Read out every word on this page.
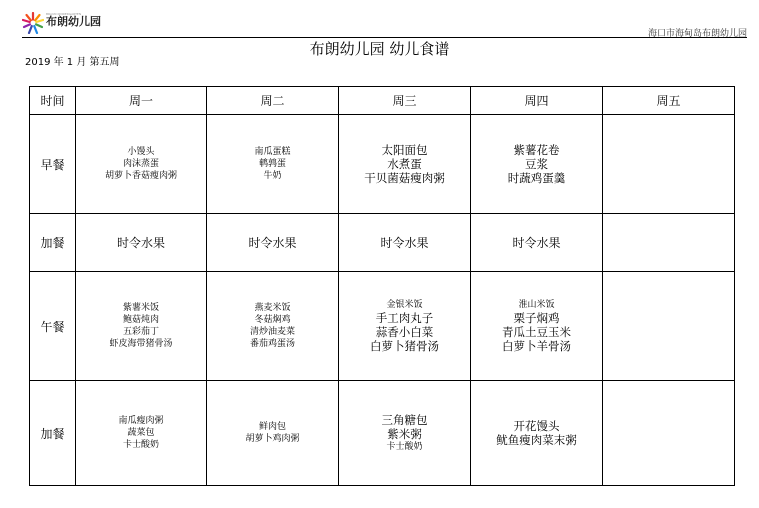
BRAUN KINDERGARTEN
布朗幼儿园
海口市海甸岛布朗幼儿园
布朗幼儿园 幼儿食谱
2019 年 1 月 第五周
时间	周一	周二	周三	周四	周五
早餐	小馒头
肉沫蒸蛋
胡萝卜香菇瘦肉粥	南瓜蛋糕
鹌鹑蛋
牛奶	太阳面包
水煮蛋
干贝菌菇瘦肉粥	紫薯花卷
豆浆
时蔬鸡蛋羹	

加餐	时令水果	时令水果	时令水果	时令水果	

午餐	紫薯米饭
鲍菇炖肉
五彩茄丁
虾皮海带猪骨汤	燕麦米饭
冬菇焖鸡
清炒油麦菜
番茄鸡蛋汤	金银米饭
手工肉丸子
蒜香小白菜
白萝卜猪骨汤	淮山米饭
栗子焖鸡
青瓜土豆玉米
白萝卜羊骨汤	

加餐	南瓜瘦肉粥
蔬菜包
卡士酸奶	鲜肉包
胡萝卜鸡肉粥	三角糖包
紫米粥
卡士酸奶	开花馒头
鱿鱼瘦肉菜末粥	
